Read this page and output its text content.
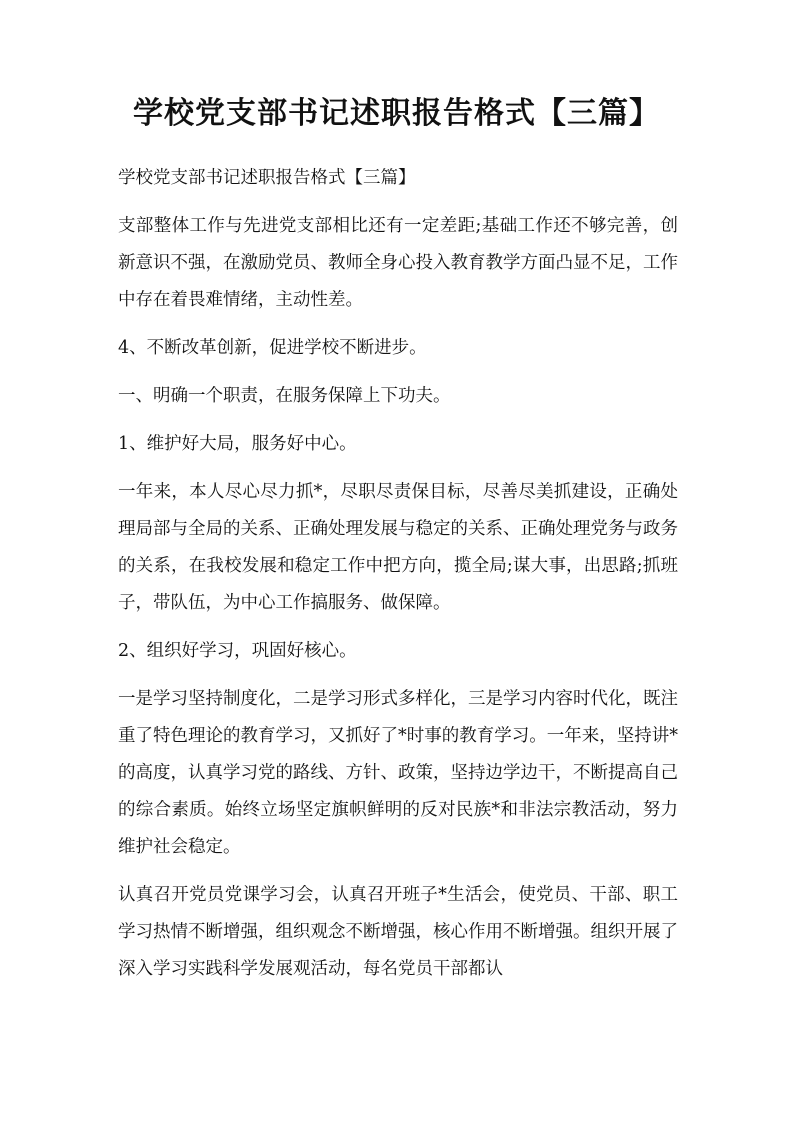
学校党支部书记述职报告格式【三篇】

学校党支部书记述职报告格式【三篇】

支部整体工作与先进党支部相比还有一定差距;基础工作还不够完善，创新意识不强，在激励党员、教师全身心投入教育教学方面凸显不足，工作中存在着畏难情绪，主动性差。

4、不断改革创新，促进学校不断进步。

一、明确一个职责，在服务保障上下功夫。

1、维护好大局，服务好中心。

一年来，本人尽心尽力抓*，尽职尽责保目标，尽善尽美抓建设，正确处理局部与全局的关系、正确处理发展与稳定的关系、正确处理党务与政务的关系，在我校发展和稳定工作中把方向，揽全局;谋大事，出思路;抓班子，带队伍，为中心工作搞服务、做保障。

2、组织好学习，巩固好核心。

一是学习坚持制度化，二是学习形式多样化，三是学习内容时代化，既注重了特色理论的教育学习，又抓好了*时事的教育学习。一年来，坚持讲*的高度，认真学习党的路线、方针、政策，坚持边学边干，不断提高自己的综合素质。始终立场坚定旗帜鲜明的反对民族*和非法宗教活动，努力维护社会稳定。

认真召开党员党课学习会，认真召开班子*生活会，使党员、干部、职工学习热情不断增强，组织观念不断增强，核心作用不断增强。组织开展了深入学习实践科学发展观活动，每名党员干部都认
